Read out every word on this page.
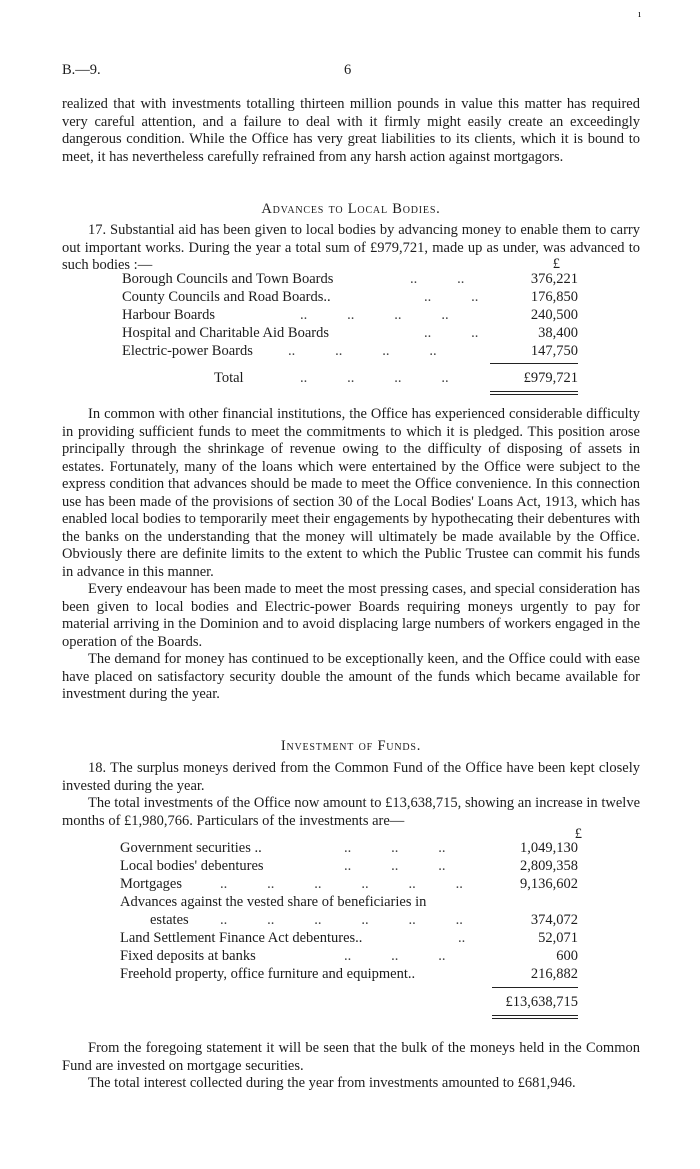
ı
B.—9.	6

realized that with investments totalling thirteen million pounds in value this matter has required very careful attention, and a failure to deal with it firmly might easily create an exceedingly dangerous condition. While the Office has very great liabilities to its clients, which it is bound to meet, it has nevertheless carefully refrained from any harsh action against mortgagors.

Advances to Local Bodies.

17. Substantial aid has been given to local bodies by advancing money to enable them to carry out important works. During the year a total sum of £979,721, made up as under, was advanced to such bodies :—	£
Borough Councils and Town Boards	..           ..	376,221
County Councils and Road Boards..	..           ..	176,850
Harbour Boards	..           ..           ..           ..	240,500
Hospital and Charitable Aid Boards	..           ..	38,400
Electric-power Boards ..           ..           ..           ..	147,750
Total	..           ..           ..           ..	£979,721

In common with other financial institutions, the Office has experienced considerable difficulty in providing sufficient funds to meet the commitments to which it is pledged. This position arose principally through the shrinkage of revenue owing to the difficulty of disposing of assets in estates. Fortunately, many of the loans which were entertained by the Office were subject to the express condition that advances should be made to meet the Office convenience. In this connection use has been made of the provisions of section 30 of the Local Bodies' Loans Act, 1913, which has enabled local bodies to temporarily meet their engagements by hypothecating their debentures with the banks on the understanding that the money will ultimately be made available by the Office. Obviously there are definite limits to the extent to which the Public Trustee can commit his funds in advance in this manner.

Every endeavour has been made to meet the most pressing cases, and special consideration has been given to local bodies and Electric-power Boards requiring moneys urgently to pay for material arriving in the Dominion and to avoid displacing large numbers of workers engaged in the operation of the Boards.

The demand for money has continued to be exceptionally keen, and the Office could with ease have placed on satisfactory security double the amount of the funds which became available for investment during the year.

Investment of Funds.

18. The surplus moneys derived from the Common Fund of the Office have been kept closely invested during the year.

The total investments of the Office now amount to £13,638,715, showing an increase in twelve months of £1,980,766. Particulars of the investments are—

£
Government securities ..	..           ..           ..	1,049,130
Local bodies' debentures	..           ..           ..	2,809,358
Mortgages	..           ..           ..           ..           ..           ..	9,136,602
Advances against the vested share of beneficiaries in
estates ..           ..           ..           ..           ..           ..	374,072
Land Settlement Finance Act debentures..	..	52,071
Fixed deposits at banks	..           ..           ..	600
Freehold property, office furniture and equipment..	216,882
£13,638,715

From the foregoing statement it will be seen that the bulk of the moneys held in the Common Fund are invested on mortgage securities.

The total interest collected during the year from investments amounted to £681,946.
